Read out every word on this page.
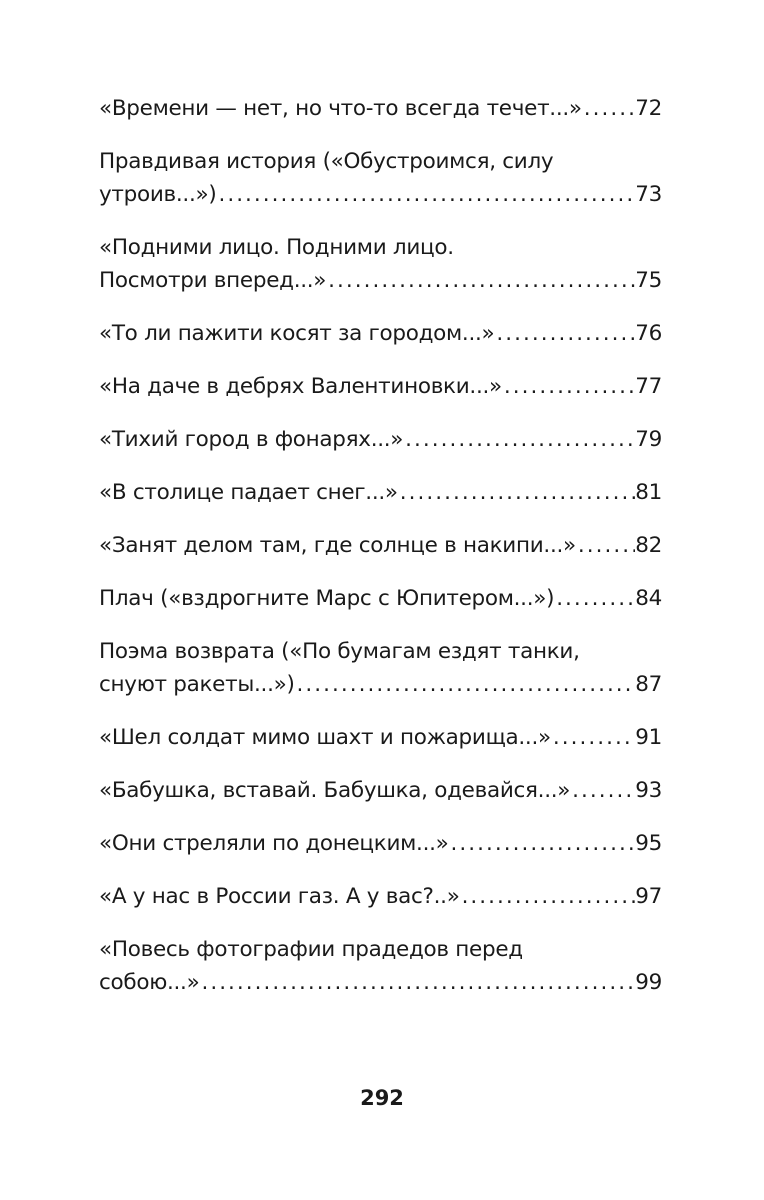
«Времени — нет, но что-то всегда течет...» . . . 72
Правдивая история («Обустроимся, силу
утроив...») . . .	73
«Подними лицо. Подними лицо.
Посмотри вперед...» . . .	75
«То ли пажити косят за городом...» . . .	76
«На даче в дебрях Валентиновки...» . . .	77
«Тихий город в фонарях...» . . .	79
«В столице падает снег...» . . .	81
«Занят делом там, где солнце в накипи...» . . .	82
Плач («вздрогните Марс с Юпитером...») . . .	84
Поэма возврата («По бумагам ездят танки,
снуют ракеты...») . . .	87
«Шел солдат мимо шахт и пожарища...» . . .	91
«Бабушка, вставай. Бабушка, одевайся...» . . .	93
«Они стреляли по донецким...» . . .	95
«А у нас в России газ. А у вас?..» . . .	97
«Повесь фотографии прадедов перед
собою...» . . .	99
292
